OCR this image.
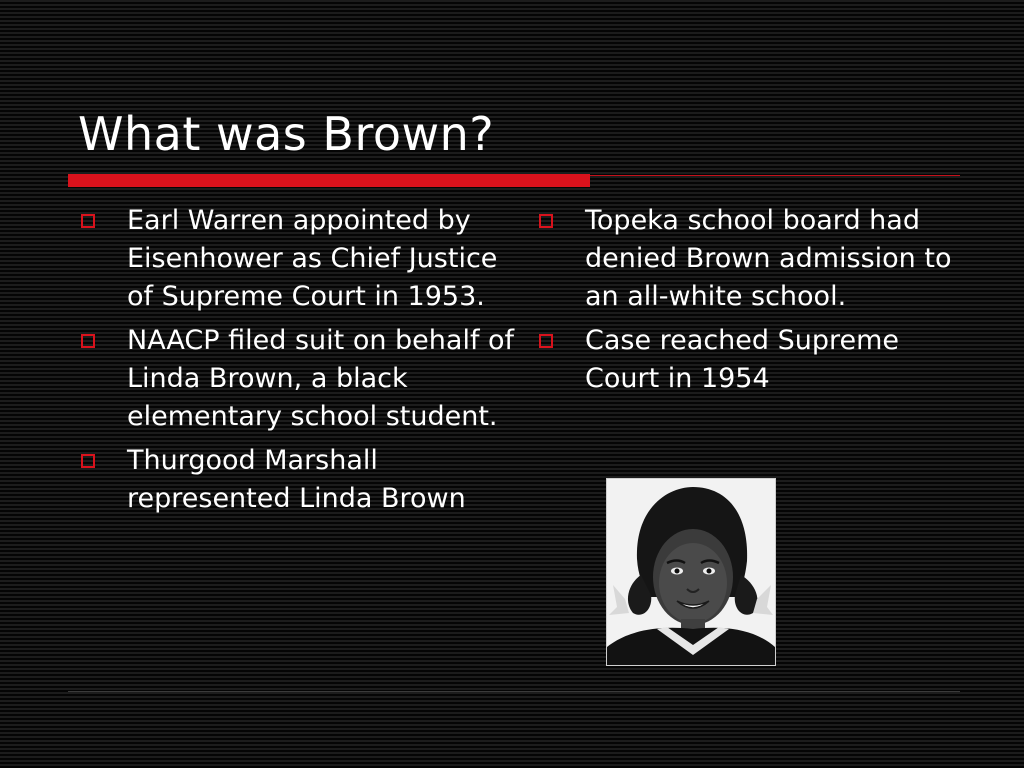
What was Brown?
Earl Warren appointed by Eisenhower as Chief Justice of Supreme Court in 1953.
NAACP filed suit on behalf of Linda Brown, a black elementary school student.
Thurgood Marshall represented Linda Brown
Topeka school board had denied Brown admission to an all-white school.
Case reached Supreme Court in 1954
